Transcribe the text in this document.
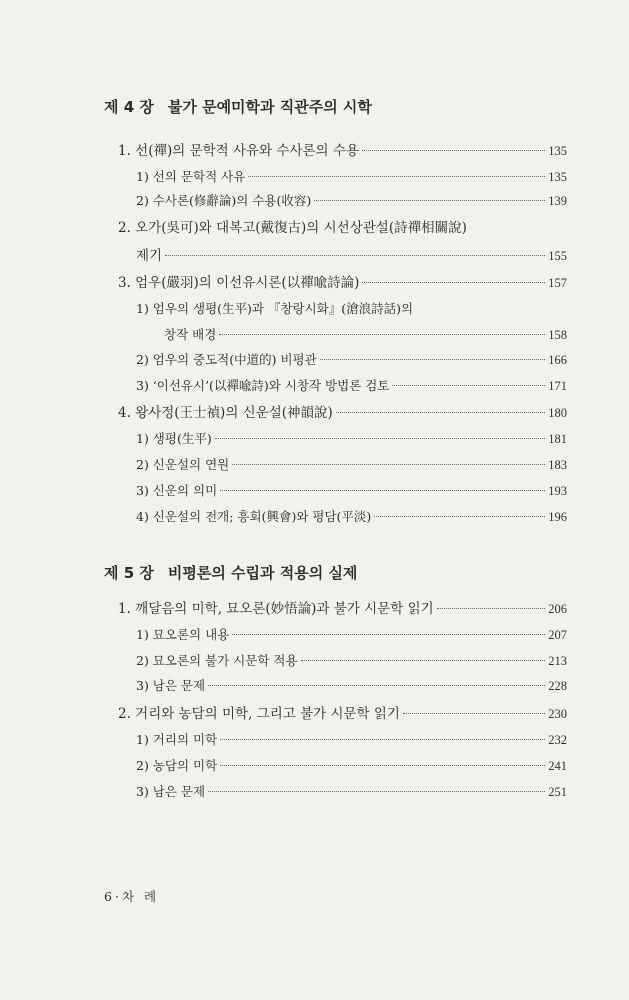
제 4 장 불가 문예미학과 직관주의 시학
1. 선(禪)의 문학적 사유와 수사론의 수용	135
1) 선의 문학적 사유	135
2) 수사론(修辭論)의 수용(收容)	139
2. 오가(吳可)와 대복고(戴復古)의 시선상관설(詩禪相關說)
제기	155
3. 엄우(嚴羽)의 이선유시론(以禪喩詩論)	157
1) 엄우의 생평(生平)과 『창랑시화』(滄浪詩話)의
창작 배경	158
2) 엄우의 중도적(中道的) 비평관	166
3) ‘이선유시’(以禪喩詩)와 시창작 방법론 검토	171
4. 왕사정(王士禎)의 신운설(神韻說)	180
1) 생평(生平)	181
2) 신운설의 연원	183
3) 신운의 의미	193
4) 신운설의 전개; 흥회(興會)와 평담(平淡)	196
제 5 장 비평론의 수립과 적용의 실제
1. 깨달음의 미학, 묘오론(妙悟論)과 불가 시문학 읽기	206
1) 묘오론의 내용	207
2) 묘오론의 불가 시문학 적용	213
3) 남은 문제	228
2. 거리와 농담의 미학, 그리고 불가 시문학 읽기	230
1) 거리의 미학	232
2) 농담의 미학	241
3) 남은 문제	251
6 · 차례
